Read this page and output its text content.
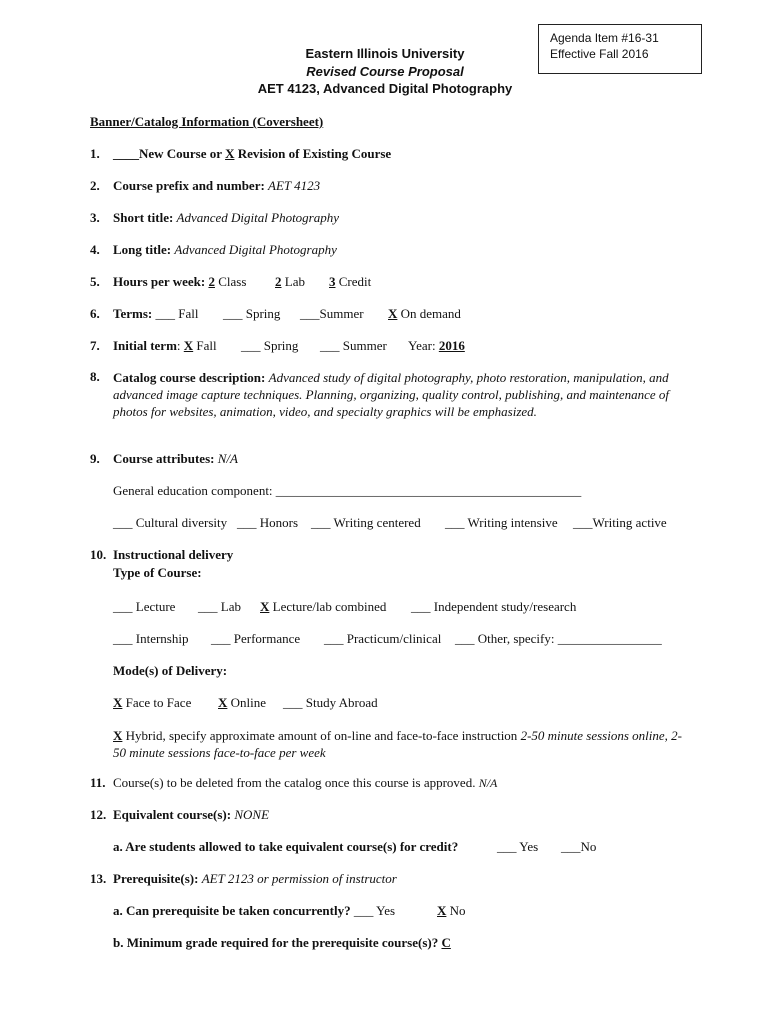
Agenda Item #16-31
Effective Fall 2016
Eastern Illinois University
Revised Course Proposal
AET 4123, Advanced Digital Photography
Banner/Catalog Information (Coversheet)
1. ____New Course or X Revision of Existing Course
2. Course prefix and number: AET 4123
3. Short title: Advanced Digital Photography
4. Long title: Advanced Digital Photography
5. Hours per week: 2 Class 2 Lab 3 Credit
6. Terms: ___ Fall ___ Spring ___Summer X On demand
7. Initial term: X Fall ___ Spring ___ Summer Year: 2016
8. Catalog course description: Advanced study of digital photography, photo restoration, manipulation, and advanced image capture techniques. Planning, organizing, quality control, publishing, and maintenance of photos for websites, animation, video, and specialty graphics will be emphasized.
9. Course attributes: N/A
General education component: _______________________________________________
___ Cultural diversity ___ Honors ___ Writing centered ___ Writing intensive ___Writing active
10. Instructional delivery
Type of Course:
___ Lecture ___ Lab X Lecture/lab combined ___ Independent study/research
___ Internship ___ Performance ___ Practicum/clinical ___ Other, specify: ________________
Mode(s) of Delivery:
X Face to Face X Online ___ Study Abroad
X Hybrid, specify approximate amount of on-line and face-to-face instruction 2-50 minute sessions online, 2- 50 minute sessions face-to-face per week
11. Course(s) to be deleted from the catalog once this course is approved. N/A
12. Equivalent course(s): NONE
a. Are students allowed to take equivalent course(s) for credit?	___ Yes ___No
13. Prerequisite(s): AET 2123 or permission of instructor
a. Can prerequisite be taken concurrently? ___ Yes	X No
b. Minimum grade required for the prerequisite course(s)? C
